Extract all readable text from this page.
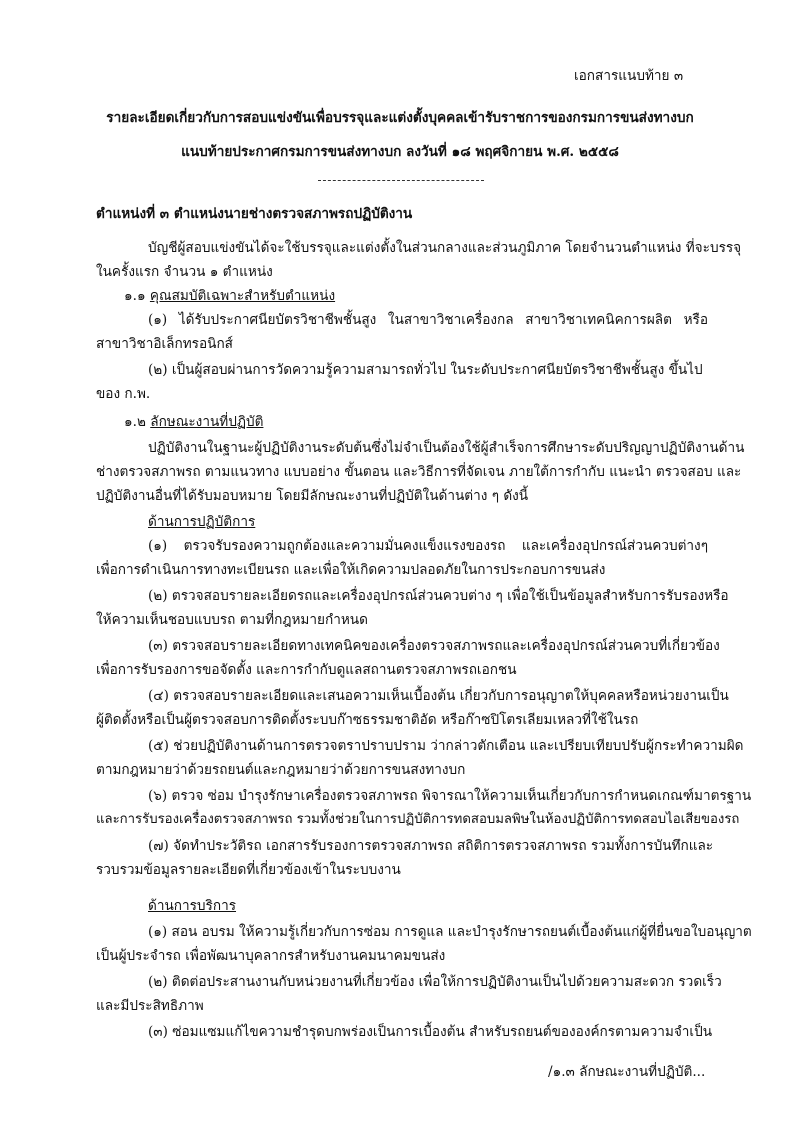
เอกสารแนบท้าย ๓
รายละเอียดเกี่ยวกับการสอบแข่งขันเพื่อบรรจุและแต่งตั้งบุคคลเข้ารับราชการของกรมการขนส่งทางบก
แนบท้ายประกาศกรมการขนส่งทางบก ลงวันที่ ๑๘ พฤศจิกายน พ.ศ. ๒๕๕๘
ตำแหน่งที่ ๓ ตำแหน่งนายช่างตรวจสภาพรถปฏิบัติงาน
บัญชีผู้สอบแข่งขันได้จะใช้บรรจุและแต่งตั้งในส่วนกลางและส่วนภูมิภาค โดยจำนวนตำแหน่ง ที่จะบรรจุ
ในครั้งแรก จำนวน ๑ ตำแหน่ง
๑.๑ คุณสมบัติเฉพาะสำหรับตำแหน่ง
(๑) ได้รับประกาศนียบัตรวิชาชีพชั้นสูง ในสาขาวิชาเครื่องกล สาขาวิชาเทคนิคการผลิต หรือ
สาขาวิชาอิเล็กทรอนิกส์
(๒) เป็นผู้สอบผ่านการวัดความรู้ความสามารถทั่วไป ในระดับประกาศนียบัตรวิชาชีพชั้นสูง ขึ้นไป
ของ ก.พ.
๑.๒ ลักษณะงานที่ปฏิบัติ
ปฏิบัติงานในฐานะผู้ปฏิบัติงานระดับต้นซึ่งไม่จำเป็นต้องใช้ผู้สำเร็จการศึกษาระดับปริญญาปฏิบัติงานด้าน
ช่างตรวจสภาพรถ ตามแนวทาง แบบอย่าง ขั้นตอน และวิธีการที่จัดเจน ภายใต้การกำกับ แนะนำ ตรวจสอบ และ
ปฏิบัติงานอื่นที่ได้รับมอบหมาย โดยมีลักษณะงานที่ปฏิบัติในด้านต่าง ๆ ดังนี้
ด้านการปฏิบัติการ
(๑) ตรวจรับรองความถูกต้องและความมั่นคงแข็งแรงของรถ และเครื่องอุปกรณ์ส่วนควบต่างๆ
เพื่อการดำเนินการทางทะเบียนรถ และเพื่อให้เกิดความปลอดภัยในการประกอบการขนส่ง
(๒) ตรวจสอบรายละเอียดรถและเครื่องอุปกรณ์ส่วนควบต่าง ๆ เพื่อใช้เป็นข้อมูลสำหรับการรับรองหรือ
ให้ความเห็นชอบแบบรถ ตามที่กฎหมายกำหนด
(๓) ตรวจสอบรายละเอียดทางเทคนิคของเครื่องตรวจสภาพรถและเครื่องอุปกรณ์ส่วนควบที่เกี่ยวข้อง
เพื่อการรับรองการขอจัดตั้ง และการกำกับดูแลสถานตรวจสภาพรถเอกชน
(๔) ตรวจสอบรายละเอียดและเสนอความเห็นเบื้องต้น เกี่ยวกับการอนุญาตให้บุคคลหรือหน่วยงานเป็น
ผู้ติดตั้งหรือเป็นผู้ตรวจสอบการติดตั้งระบบก๊าซธรรมชาติอัด หรือก๊าซปิโตรเลียมเหลวที่ใช้ในรถ
(๕) ช่วยปฏิบัติงานด้านการตรวจตราปราบปราม ว่ากล่าวตักเตือน และเปรียบเทียบปรับผู้กระทำความผิด
ตามกฎหมายว่าด้วยรถยนต์และกฎหมายว่าด้วยการขนสงทางบก
(๖) ตรวจ ซ่อม บำรุงรักษาเครื่องตรวจสภาพรถ พิจารณาให้ความเห็นเกี่ยวกับการกำหนดเกณฑ์มาตรฐาน
และการรับรองเครื่องตรวจสภาพรถ รวมทั้งช่วยในการปฏิบัติการทดสอบมลพิษในห้องปฏิบัติการทดสอบไอเสียของรถ
(๗) จัดทำประวัติรถ เอกสารรับรองการตรวจสภาพรถ สถิติการตรวจสภาพรถ รวมทั้งการบันทึกและ
รวบรวมข้อมูลรายละเอียดที่เกี่ยวข้องเข้าในระบบงาน
ด้านการบริการ
(๑) สอน อบรม ให้ความรู้เกี่ยวกับการซ่อม การดูแล และบำรุงรักษารถยนต์เบื้องต้นแก่ผู้ที่ยื่นขอใบอนุญาต
เป็นผู้ประจำรถ เพื่อพัฒนาบุคลากรสำหรับงานคมนาคมขนส่ง
(๒) ติดต่อประสานงานกับหน่วยงานที่เกี่ยวข้อง เพื่อให้การปฏิบัติงานเป็นไปด้วยความสะดวก รวดเร็ว
และมีประสิทธิภาพ
(๓) ซ่อมแซมแก้ไขความชำรุดบกพร่องเป็นการเบื้องต้น สำหรับรถยนต์ขององค์กรตามความจำเป็น
/๑.๓ ลักษณะงานที่ปฏิบัติ...
